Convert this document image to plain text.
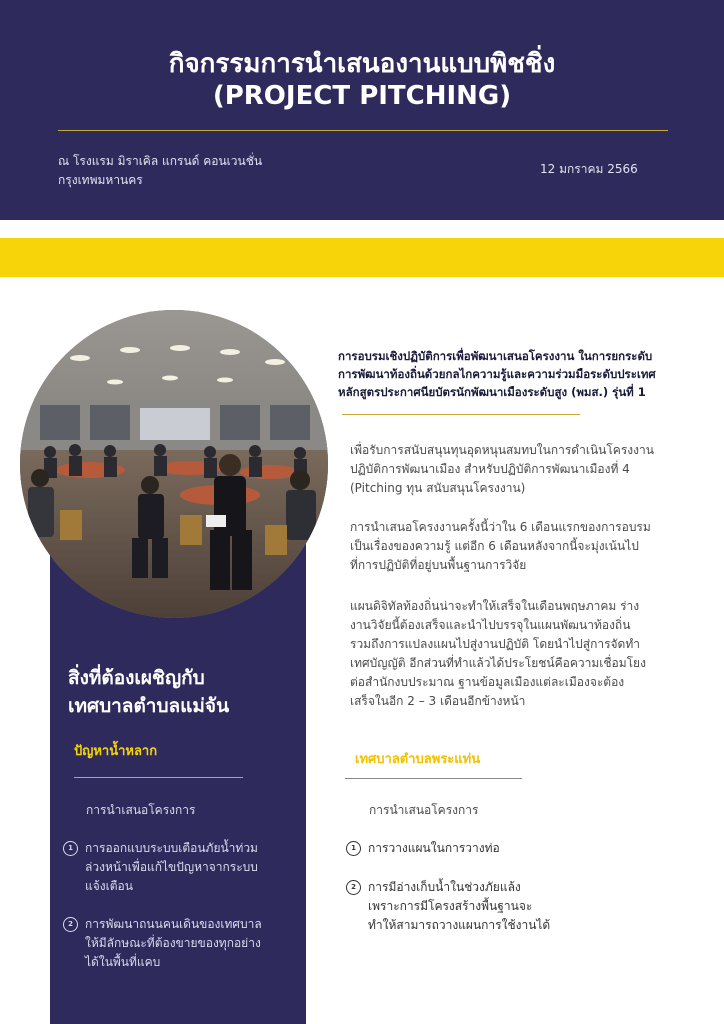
กิจกรรมการนำเสนองานแบบพิชชิ่ง
(PROJECT PITCHING)
ณ โรงแรม มิราเคิล แกรนด์ คอนเวนชั่น
กรุงเทพมหานคร
12 มกราคม 2566
สิ่งที่ต้องเผชิญกับ
เทศบาลตำบลแม่จัน
ปัญหาน้ำหลาก
การนำเสนอโครงการ
1	การออกแบบระบบเตือนภัยน้ำท่วม
ล่วงหน้าเพื่อแก้ไขปัญหาจากระบบ
แจ้งเตือน
2	การพัฒนาถนนคนเดินของเทศบาล
ให้มีลักษณะที่ต้องขายของทุกอย่าง
ได้ในพื้นที่แคบ
การอบรมเชิงปฏิบัติการเพื่อพัฒนาเสนอโครงงาน ในการยกระดับ
การพัฒนาท้องถิ่นด้วยกลไกความรู้และความร่วมมือระดับประเทศ
หลักสูตรประกาศนียบัตรนักพัฒนาเมืองระดับสูง (พมส.) รุ่นที่ 1
เพื่อรับการสนับสนุนทุนอุดหนุนสมทบในการดำเนินโครงงาน
ปฏิบัติการพัฒนาเมือง สำหรับปฏิบัติการพัฒนาเมืองที่ 4
(Pitching ทุน สนับสนุนโครงงาน)
การนำเสนอโครงงานครั้งนี้ว่าใน 6 เดือนแรกของการอบรม
เป็นเรื่องของความรู้ แต่อีก 6 เดือนหลังจากนี้จะมุ่งเน้นไป
ที่การปฏิบัติที่อยู่บนพื้นฐานการวิจัย
แผนดิจิทัลท้องถิ่นน่าจะทำให้เสร็จในเดือนพฤษภาคม ร่าง
งานวิจัยนี้ต้องเสร็จและนำไปบรรจุในแผนพัฒนาท้องถิ่น
รวมถึงการแปลงแผนไปสู่งานปฏิบัติ โดยนำไปสู่การจัดทำ
เทศบัญญัติ อีกส่วนที่ทำแล้วได้ประโยชน์คือความเชื่อมโยง
ต่อสำนักงบประมาณ ฐานข้อมูลเมืองแต่ละเมืองจะต้อง
เสร็จในอีก 2 – 3 เดือนอีกข้างหน้า
เทศบาลตำบลพระแท่น
การนำเสนอโครงการ
1	การวางแผนในการวางท่อ
2	การมีอ่างเก็บน้ำในช่วงภัยแล้ง
เพราะการมีโครงสร้างพื้นฐานจะ
ทำให้สามารถวางแผนการใช้งานได้
